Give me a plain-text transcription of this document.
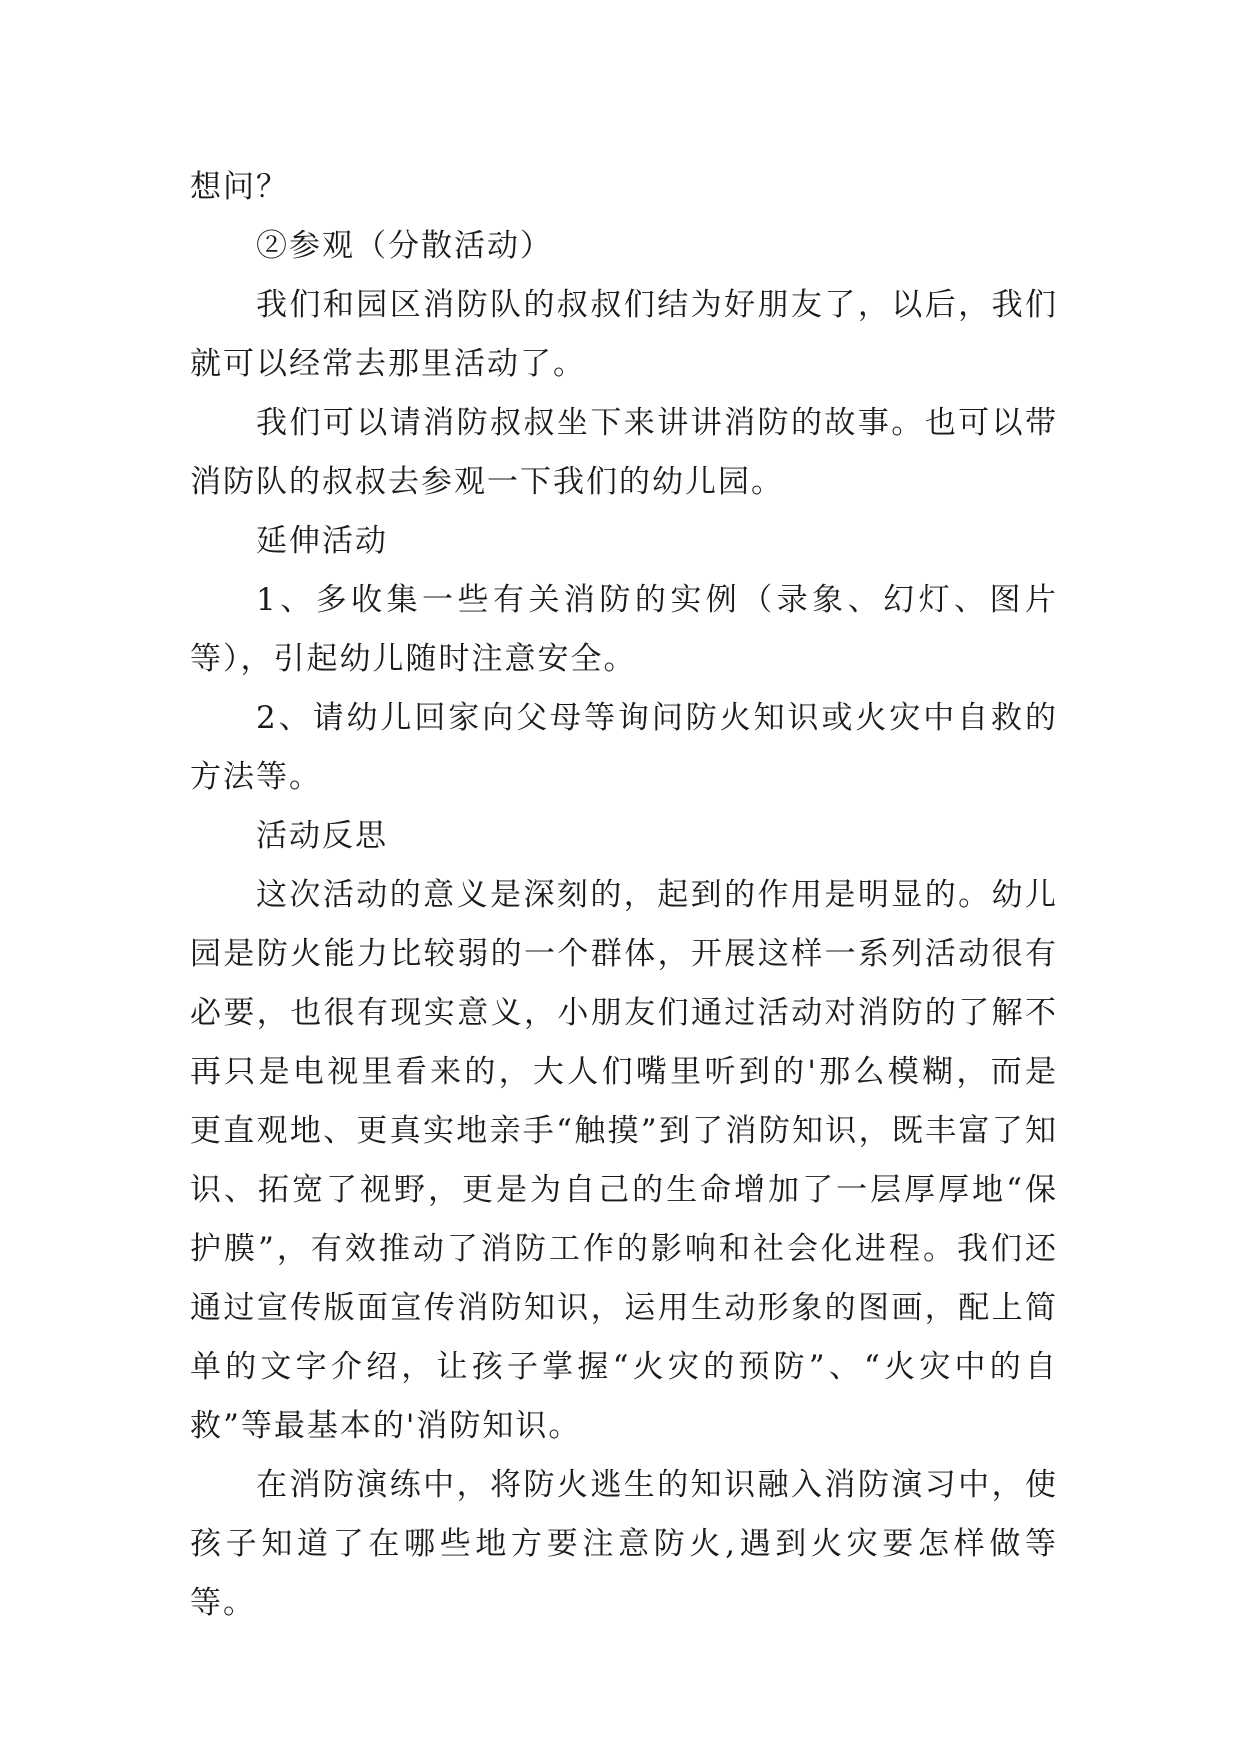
想问？

②参观（分散活动）

我们和园区消防队的叔叔们结为好朋友了，以后，我们就可以经常去那里活动了。

我们可以请消防叔叔坐下来讲讲消防的故事。也可以带消防队的叔叔去参观一下我们的幼儿园。

延伸活动

1、多收集一些有关消防的实例（录象、幻灯、图片等），引起幼儿随时注意安全。

2、请幼儿回家向父母等询问防火知识或火灾中自救的方法等。

活动反思

这次活动的意义是深刻的，起到的作用是明显的。幼儿园是防火能力比较弱的一个群体，开展这样一系列活动很有必要，也很有现实意义，小朋友们通过活动对消防的了解不再只是电视里看来的，大人们嘴里听到的'那么模糊，而是更直观地、更真实地亲手“触摸”到了消防知识，既丰富了知识、拓宽了视野，更是为自己的生命增加了一层厚厚地“保护膜”，有效推动了消防工作的影响和社会化进程。我们还通过宣传版面宣传消防知识，运用生动形象的图画，配上简单的文字介绍，让孩子掌握“火灾的预防”、“火灾中的自救”等最基本的'消防知识。

在消防演练中，将防火逃生的知识融入消防演习中，使孩子知道了在哪些地方要注意防火,遇到火灾要怎样做等等。
